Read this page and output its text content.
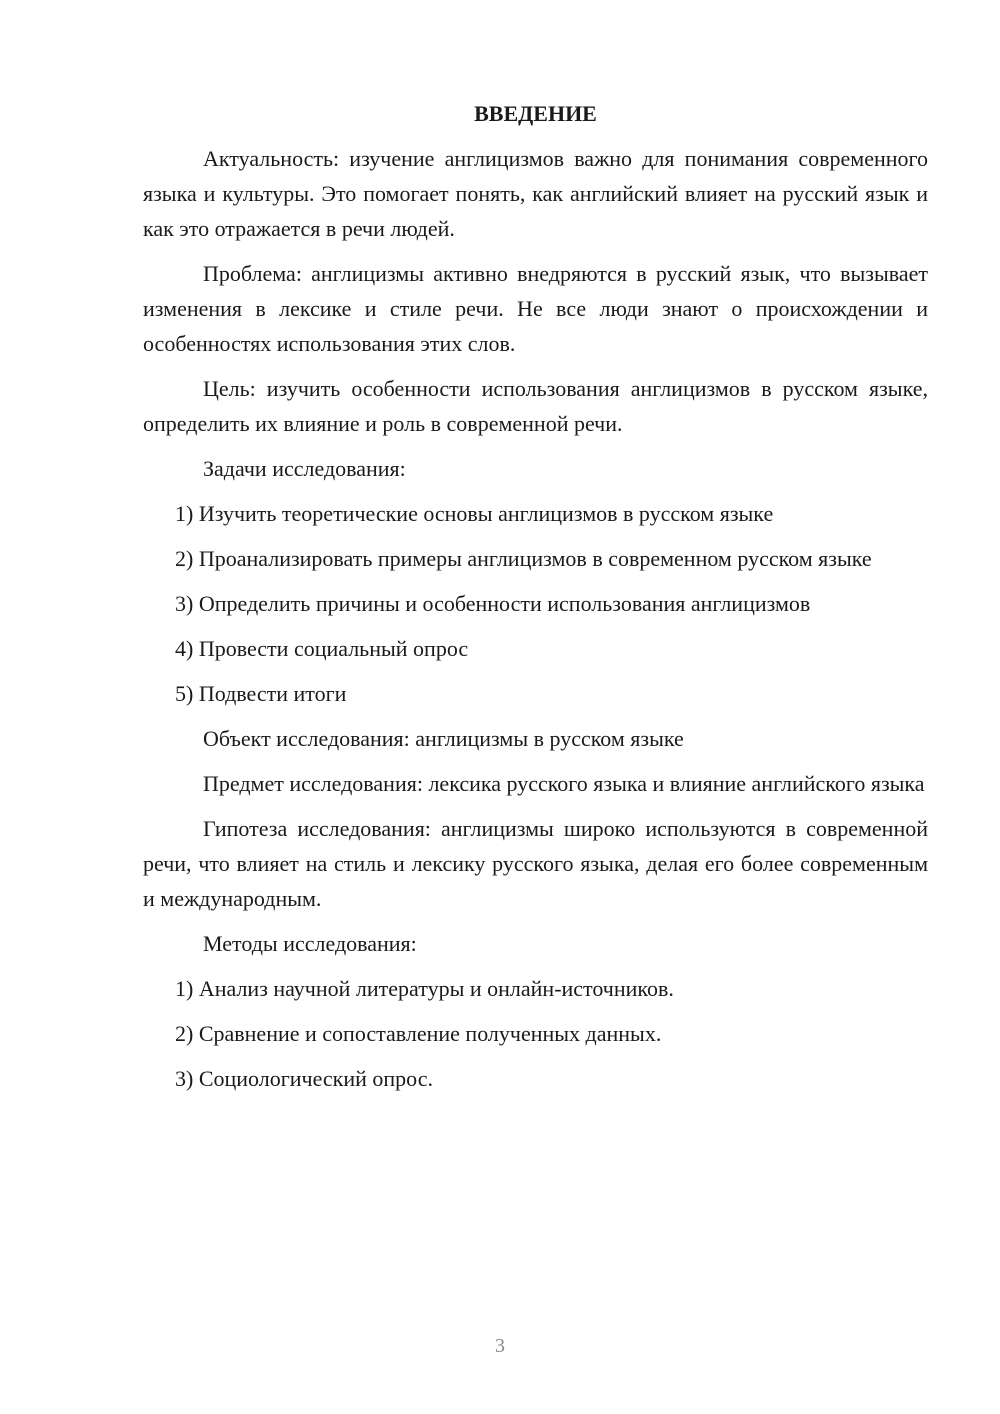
ВВЕДЕНИЕ

Актуальность: изучение англицизмов важно для понимания современного языка и культуры. Это помогает понять, как английский влияет на русский язык и как это отражается в речи людей.

Проблема: англицизмы активно внедряются в русский язык, что вызывает изменения в лексике и стиле речи. Не все люди знают о происхождении и особенностях использования этих слов.

Цель: изучить особенности использования англицизмов в русском языке, определить их влияние и роль в современной речи.

Задачи исследования:

1) Изучить теоретические основы англицизмов в русском языке

2) Проанализировать примеры англицизмов в современном русском языке

3) Определить причины и особенности использования англицизмов

4) Провести социальный опрос

5) Подвести итоги

Объект исследования: англицизмы в русском языке

Предмет исследования: лексика русского языка и влияние английского языка

Гипотеза исследования: англицизмы широко используются в современной речи, что влияет на стиль и лексику русского языка, делая его более современным и международным.

Методы исследования:

1) Анализ научной литературы и онлайн-источников.

2) Сравнение и сопоставление полученных данных.

3) Социологический опрос.

3
